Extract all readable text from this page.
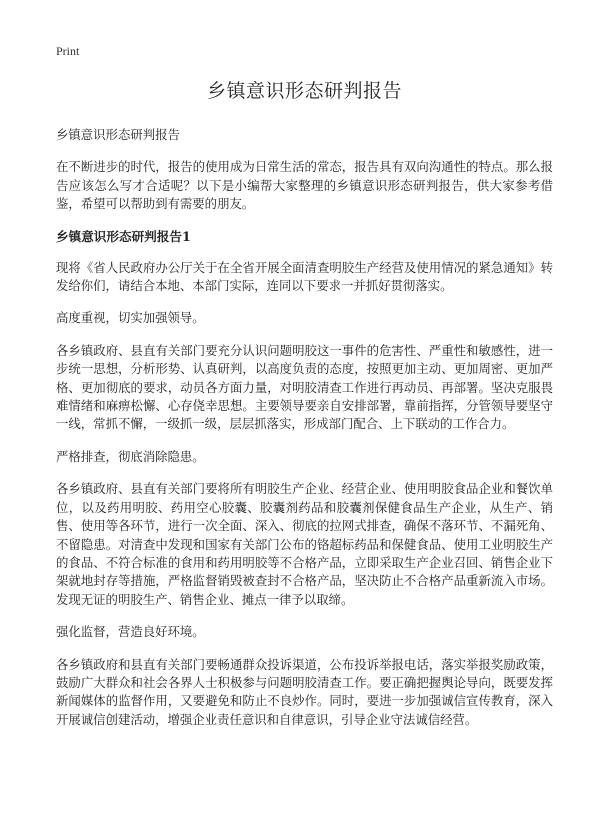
Print
乡镇意识形态研判报告

乡镇意识形态研判报告

在不断进步的时代，报告的使用成为日常生活的常态，报告具有双向沟通性的特点。那么报告应该怎么写才合适呢？以下是小编帮大家整理的乡镇意识形态研判报告，供大家参考借鉴，希望可以帮助到有需要的朋友。

乡镇意识形态研判报告1

现将《省人民政府办公厅关于在全省开展全面清查明胶生产经营及使用情况的紧急通知》转发给你们，请结合本地、本部门实际，连同以下要求一并抓好贯彻落实。

高度重视，切实加强领导。

各乡镇政府、县直有关部门要充分认识问题明胶这一事件的危害性、严重性和敏感性，进一步统一思想，分析形势、认真研判，以高度负责的态度，按照更加主动、更加周密、更加严格、更加彻底的要求，动员各方面力量，对明胶清查工作进行再动员、再部署。坚决克服畏难情绪和麻痹松懈、心存侥幸思想。主要领导要亲自安排部署，靠前指挥，分管领导要坚守一线，常抓不懈，一级抓一级，层层抓落实，形成部门配合、上下联动的工作合力。

严格排查，彻底消除隐患。

各乡镇政府、县直有关部门要将所有明胶生产企业、经营企业、使用明胶食品企业和餐饮单位，以及药用明胶、药用空心胶囊、胶囊剂药品和胶囊剂保健食品生产企业，从生产、销售、使用等各环节，进行一次全面、深入、彻底的拉网式排查，确保不落环节、不漏死角、不留隐患。对清查中发现和国家有关部门公布的铬超标药品和保健食品、使用工业明胶生产的食品、不符合标准的食用和药用明胶等不合格产品，立即采取生产企业召回、销售企业下架就地封存等措施，严格监督销毁被查封不合格产品，坚决防止不合格产品重新流入市场。发现无证的明胶生产、销售企业、摊点一律予以取缔。

强化监督，营造良好环境。

各乡镇政府和县直有关部门要畅通群众投诉渠道，公布投诉举报电话，落实举报奖励政策，鼓励广大群众和社会各界人士积极参与问题明胶清查工作。要正确把握舆论导向，既要发挥新闻媒体的监督作用，又要避免和防止不良炒作。同时，要进一步加强诚信宣传教育，深入开展诚信创建活动，增强企业责任意识和自律意识，引导企业守法诚信经营。
